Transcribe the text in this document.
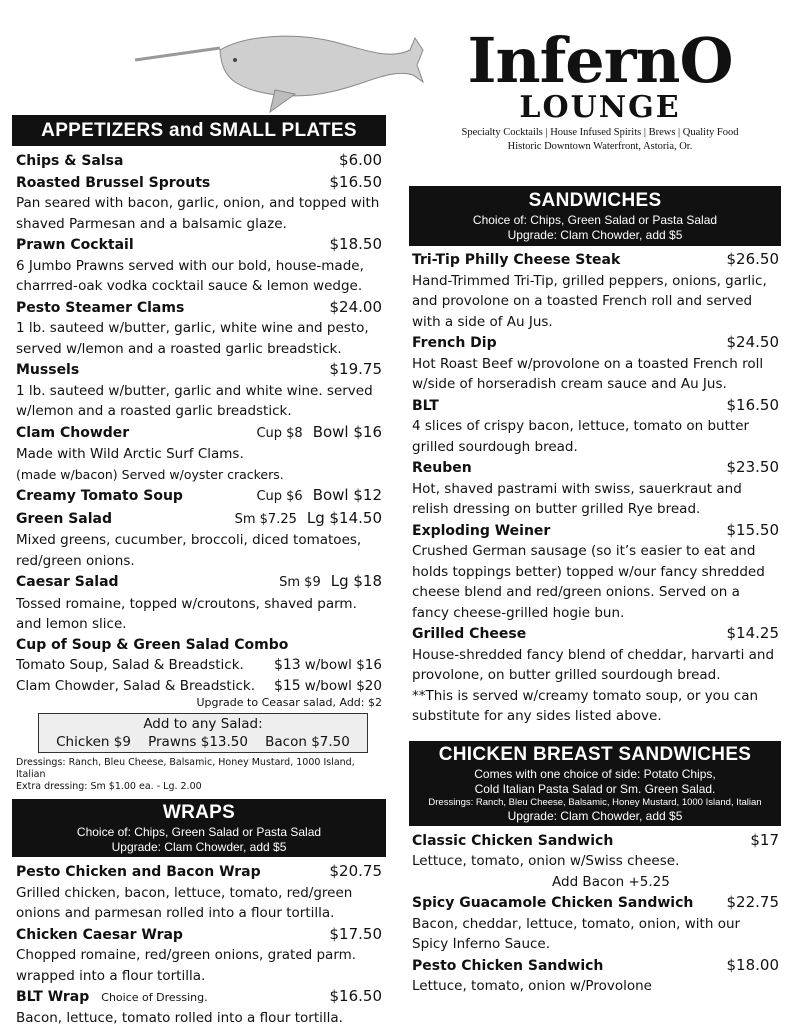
InfernO
LOUNGE
Specialty Cocktails | House Infused Spirits | Brews | Quality Food
Historic Downtown Waterfront, Astoria, Or.
APPETIZERS and SMALL PLATES
Chips & Salsa	$6.00
Roasted Brussel Sprouts	$16.50
Pan seared with bacon, garlic, onion, and topped with shaved Parmesan and a balsamic glaze.
Prawn Cocktail	$18.50
6 Jumbo Prawns served with our bold, house-made, charrred-oak vodka cocktail sauce & lemon wedge.
Pesto Steamer Clams	$24.00
1 lb. sauteed w/butter, garlic, white wine and pesto, served w/lemon and a roasted garlic breadstick.
Mussels	$19.75
1 lb. sauteed w/butter, garlic and white wine. served w/lemon and a roasted garlic breadstick.
Clam Chowder	Cup $8 Bowl $16
Made with Wild Arctic Surf Clams.
(made w/bacon) Served w/oyster crackers.
Creamy Tomato Soup	Cup $6 Bowl $12
Green Salad	Sm $7.25 Lg $14.50
Mixed greens, cucumber, broccoli, diced tomatoes, red/green onions.
Caesar Salad	Sm $9 Lg $18
Tossed romaine, topped w/croutons, shaved parm. and lemon slice.
Cup of Soup & Green Salad Combo
Tomato Soup, Salad & Breadstick. $13 w/bowl $16
Clam Chowder, Salad & Breadstick. $15 w/bowl $20
Upgrade to Ceasar salad, Add: $2
Add to any Salad:
Chicken $9    Prawns $13.50    Bacon $7.50
Dressings: Ranch, Bleu Cheese, Balsamic, Honey Mustard, 1000 Island, Italian
Extra dressing: Sm $1.00 ea. - Lg. 2.00
WRAPS
Choice of: Chips, Green Salad or Pasta Salad
Upgrade: Clam Chowder, add $5
Pesto Chicken and Bacon Wrap	$20.75
Grilled chicken, bacon, lettuce, tomato, red/green onions and parmesan rolled into a flour tortilla.
Chicken Caesar Wrap	$17.50
Chopped romaine, red/green onions, grated parm. wrapped into a flour tortilla.
BLT Wrap Choice of Dressing.	$16.50
Bacon, lettuce, tomato rolled into a flour tortilla.
SANDWICHES
Choice of: Chips, Green Salad or Pasta Salad
Upgrade: Clam Chowder, add $5
Tri-Tip Philly Cheese Steak	$26.50
Hand-Trimmed Tri-Tip, grilled peppers, onions, garlic, and provolone on a toasted French roll and served with a side of Au Jus.
French Dip	$24.50
Hot Roast Beef w/provolone on a toasted French roll w/side of horseradish cream sauce and Au Jus.
BLT	$16.50
4 slices of crispy bacon, lettuce, tomato on butter grilled sourdough bread.
Reuben	$23.50
Hot, shaved pastrami with swiss, sauerkraut and relish dressing on butter grilled Rye bread.
Exploding Weiner	$15.50
Crushed German sausage (so it’s easier to eat and holds toppings better) topped w/our fancy shredded cheese blend and red/green onions. Served on a fancy cheese-grilled hogie bun.
Grilled Cheese	$14.25
House-shredded fancy blend of cheddar, harvarti and provolone, on butter grilled sourdough bread.
**This is served w/creamy tomato soup, or you can substitute for any sides listed above.
CHICKEN BREAST SANDWICHES
Comes with one choice of side: Potato Chips,
Cold Italian Pasta Salad or Sm. Green Salad.
Dressings: Ranch, Bleu Cheese, Balsamic, Honey Mustard, 1000 Island, Italian
Upgrade: Clam Chowder, add $5
Classic Chicken Sandwich	$17
Lettuce, tomato, onion w/Swiss cheese.
Add Bacon +5.25
Spicy Guacamole Chicken Sandwich $22.75
Bacon, cheddar, lettuce, tomato, onion, with our Spicy Inferno Sauce.
Pesto Chicken Sandwich	$18.00
Lettuce, tomato, onion w/Provolone
